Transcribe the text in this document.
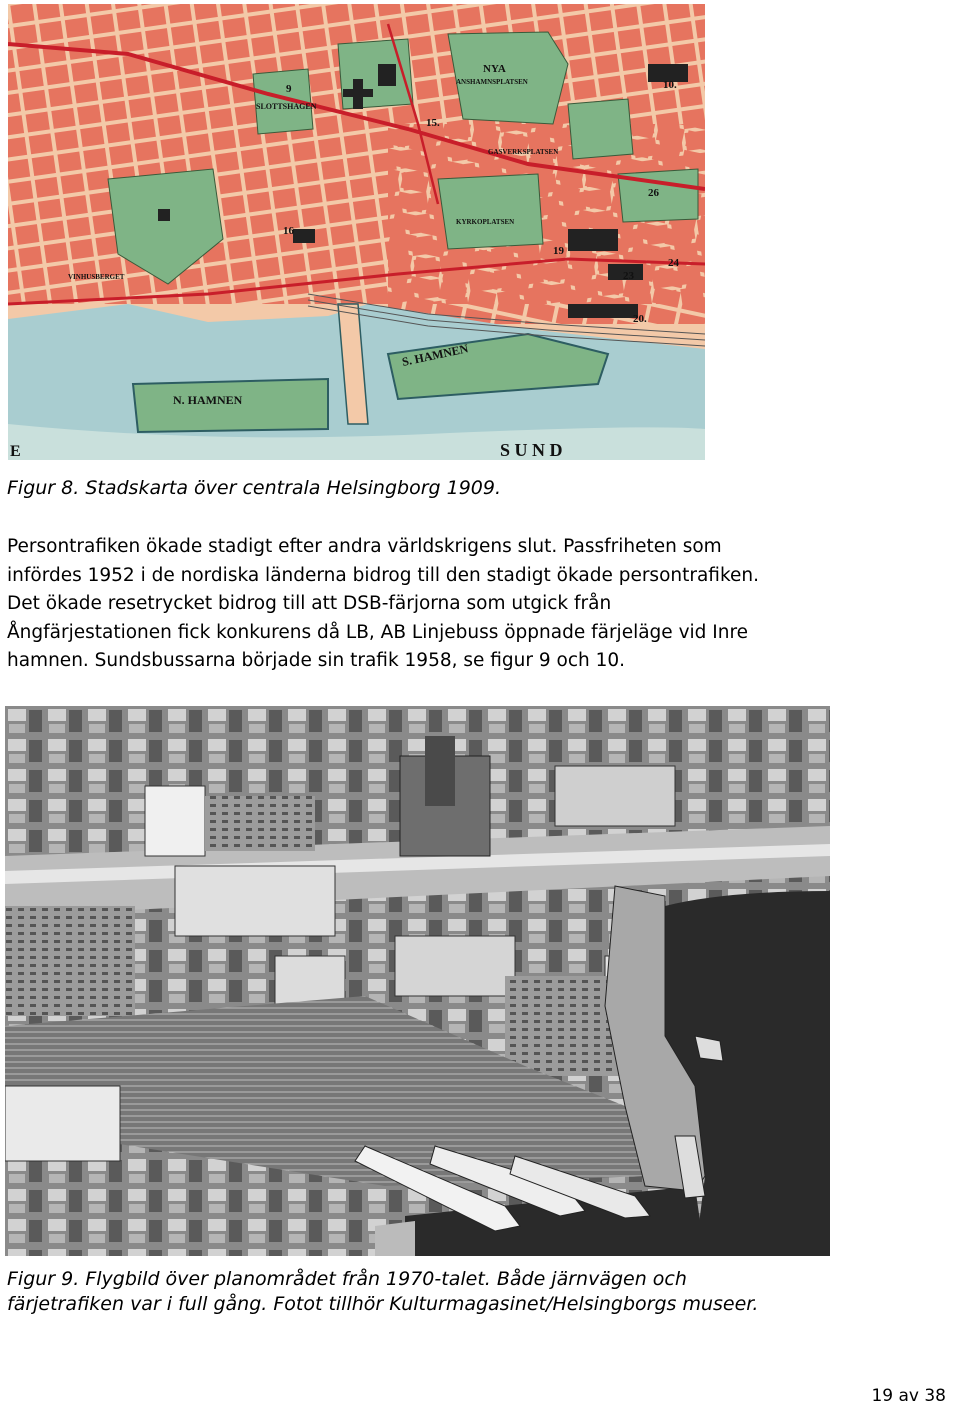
NYA
ANSHAMNSPLATSEN
SLOTTSHAGEN
VINHUSBERGET
KYRKOPLATSEN
GASVERKSPLATSEN
S. HAMNEN
N. HAMNEN
S U N D
E
9	10.
15.
16
19
20.
23
24
26
Figur 8. Stadskarta över centrala Helsingborg 1909.
Persontrafiken ökade stadigt efter andra världskrigens slut. Passfriheten som
infördes 1952 i de nordiska länderna bidrog till den stadigt ökade persontrafiken.
Det ökade resetrycket bidrog till att DSB-färjorna som utgick från
Ångfärjestationen fick konkurens då LB, AB Linjebuss öppnade färjeläge vid Inre
hamnen. Sundsbussarna började sin trafik 1958, se figur 9 och 10.
Figur 9. Flygbild över planområdet från 1970-talet. Både järnvägen och
färjetrafiken var i full gång. Fotot tillhör Kulturmagasinet/Helsingborgs museer.
19 av 38
